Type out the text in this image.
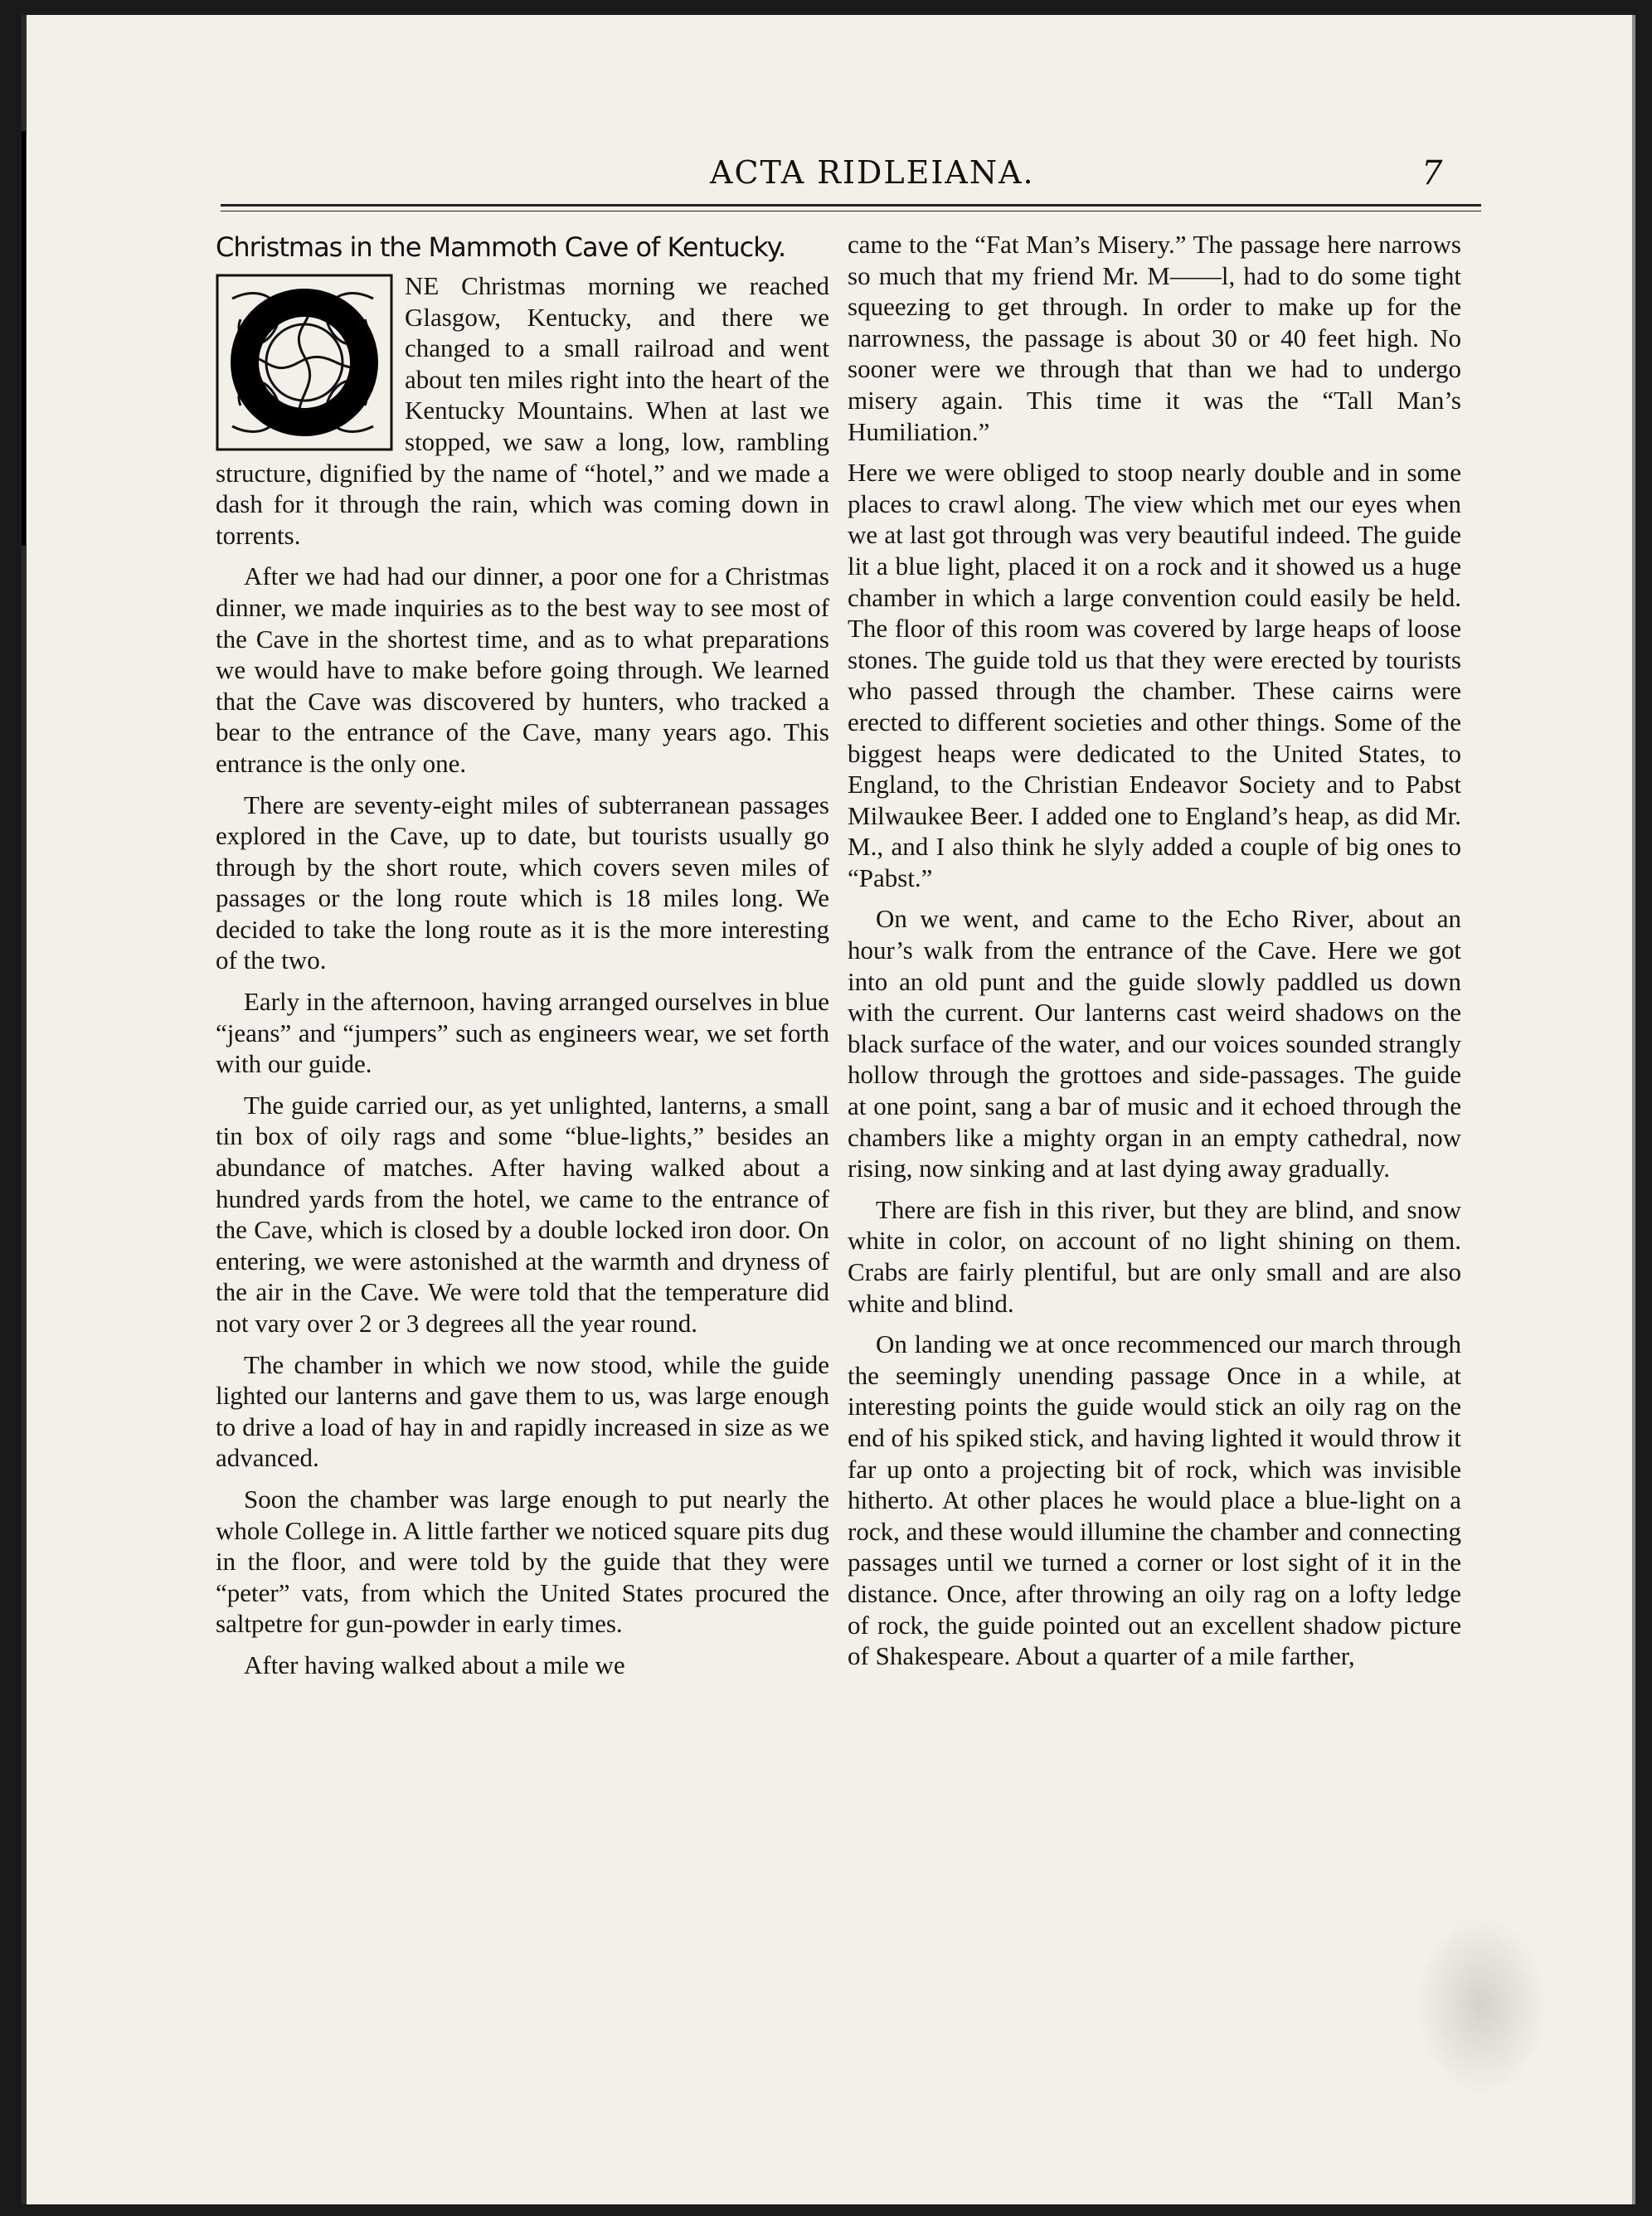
ACTA RIDLEIANA.	7
Christmas in the Mammoth Cave of Kentucky.

NE Christmas morning we reached Glasgow, Kentucky, and there we changed to a small railroad and went about ten miles right into the heart of the Kentucky Mountains. When at last we stopped, we saw a long, low, rambling structure, dignified by the name of “hotel,” and we made a dash for it through the rain, which was coming down in torrents.

After we had had our dinner, a poor one for a Christmas dinner, we made inquiries as to the best way to see most of the Cave in the shortest time, and as to what preparations we would have to make before going through. We learned that the Cave was discovered by hunters, who tracked a bear to the entrance of the Cave, many years ago. This entrance is the only one.

There are seventy-eight miles of subterranean passages explored in the Cave, up to date, but tourists usually go through by the short route, which covers seven miles of passages or the long route which is 18 miles long. We decided to take the long route as it is the more interesting of the two.

Early in the afternoon, having arranged ourselves in blue “jeans” and “jumpers” such as engineers wear, we set forth with our guide.

The guide carried our, as yet unlighted, lanterns, a small tin box of oily rags and some “blue-lights,” besides an abundance of matches. After having walked about a hundred yards from the hotel, we came to the entrance of the Cave, which is closed by a double locked iron door. On entering, we were astonished at the warmth and dryness of the air in the Cave. We were told that the temperature did not vary over 2 or 3 degrees all the year round.

The chamber in which we now stood, while the guide lighted our lanterns and gave them to us, was large enough to drive a load of hay in and rapidly increased in size as we advanced.

Soon the chamber was large enough to put nearly the whole College in. A little farther we noticed square pits dug in the floor, and were told by the guide that they were “peter” vats, from which the United States procured the saltpetre for gun-powder in early times.

After having walked about a mile we

came to the “Fat Man’s Misery.” The passage here narrows so much that my friend Mr. M——l, had to do some tight squeezing to get through. In order to make up for the narrowness, the passage is about 30 or 40 feet high. No sooner were we through that than we had to undergo misery again. This time it was the “Tall Man’s Humiliation.”

Here we were obliged to stoop nearly double and in some places to crawl along. The view which met our eyes when we at last got through was very beautiful indeed. The guide lit a blue light, placed it on a rock and it showed us a huge chamber in which a large convention could easily be held. The floor of this room was covered by large heaps of loose stones. The guide told us that they were erected by tourists who passed through the chamber. These cairns were erected to different societies and other things. Some of the biggest heaps were dedicated to the United States, to England, to the Christian Endeavor Society and to Pabst Milwaukee Beer. I added one to England’s heap, as did Mr. M., and I also think he slyly added a couple of big ones to “Pabst.”

On we went, and came to the Echo River, about an hour’s walk from the entrance of the Cave. Here we got into an old punt and the guide slowly paddled us down with the current. Our lanterns cast weird shadows on the black surface of the water, and our voices sounded strangly hollow through the grottoes and side-passages. The guide at one point, sang a bar of music and it echoed through the chambers like a mighty organ in an empty cathedral, now rising, now sinking and at last dying away gradually.

There are fish in this river, but they are blind, and snow white in color, on account of no light shining on them. Crabs are fairly plentiful, but are only small and are also white and blind.

On landing we at once recommenced our march through the seemingly unending passage Once in a while, at interesting points the guide would stick an oily rag on the end of his spiked stick, and having lighted it would throw it far up onto a projecting bit of rock, which was invisible hitherto. At other places he would place a blue-light on a rock, and these would illumine the chamber and connecting passages until we turned a corner or lost sight of it in the distance. Once, after throwing an oily rag on a lofty ledge of rock, the guide pointed out an excellent shadow picture of Shakespeare. About a quarter of a mile farther,
